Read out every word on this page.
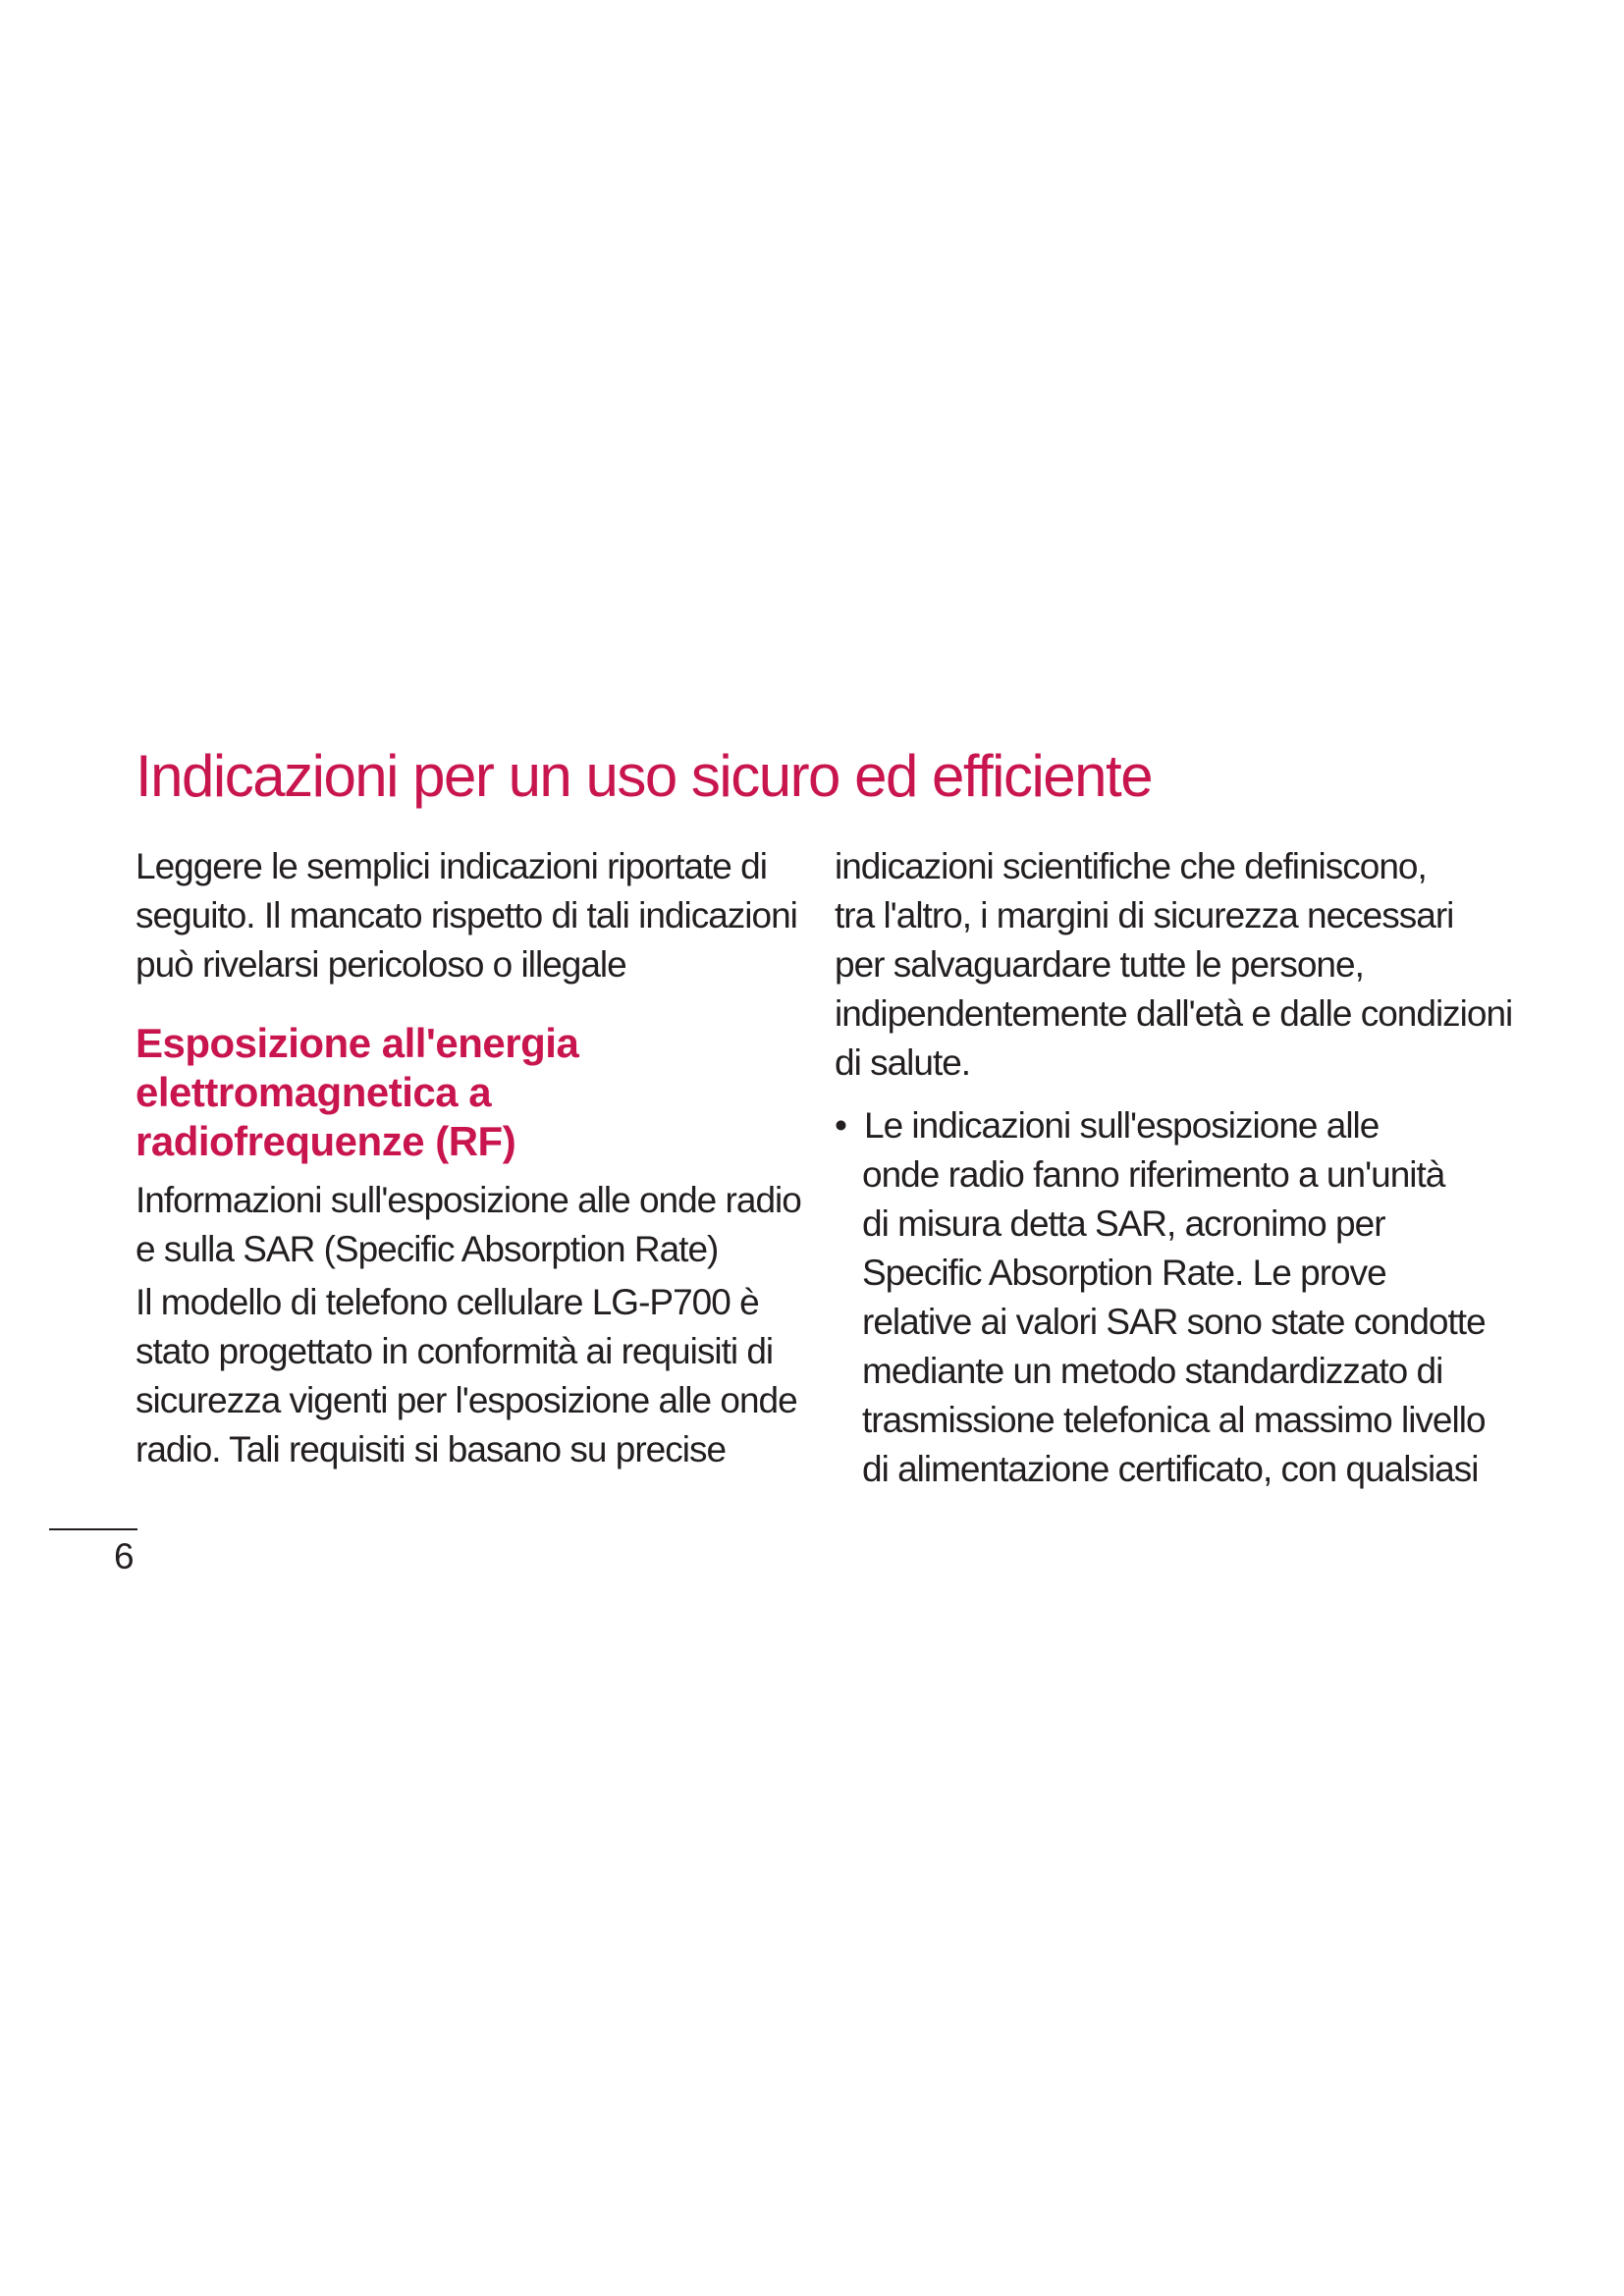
Indicazioni per un uso sicuro ed efficiente
Leggere le semplici indicazioni riportate di
seguito. Il mancato rispetto di tali indicazioni
può rivelarsi pericoloso o illegale
Esposizione all'energia
elettromagnetica a
radiofrequenze (RF)
Informazioni sull'esposizione alle onde radio
e sulla SAR (Specific Absorption Rate)
Il modello di telefono cellulare LG-P700 è
stato progettato in conformità ai requisiti di
sicurezza vigenti per l'esposizione alle onde
radio. Tali requisiti si basano su precise
indicazioni scientifiche che definiscono,
tra l'altro, i margini di sicurezza necessari
per salvaguardare tutte le persone,
indipendentemente dall'età e dalle condizioni
di salute.
• Le indicazioni sull'esposizione alle
onde radio fanno riferimento a un'unità
di misura detta SAR, acronimo per
Specific Absorption Rate. Le prove
relative ai valori SAR sono state condotte
mediante un metodo standardizzato di
trasmissione telefonica al massimo livello
di alimentazione certificato, con qualsiasi
6
